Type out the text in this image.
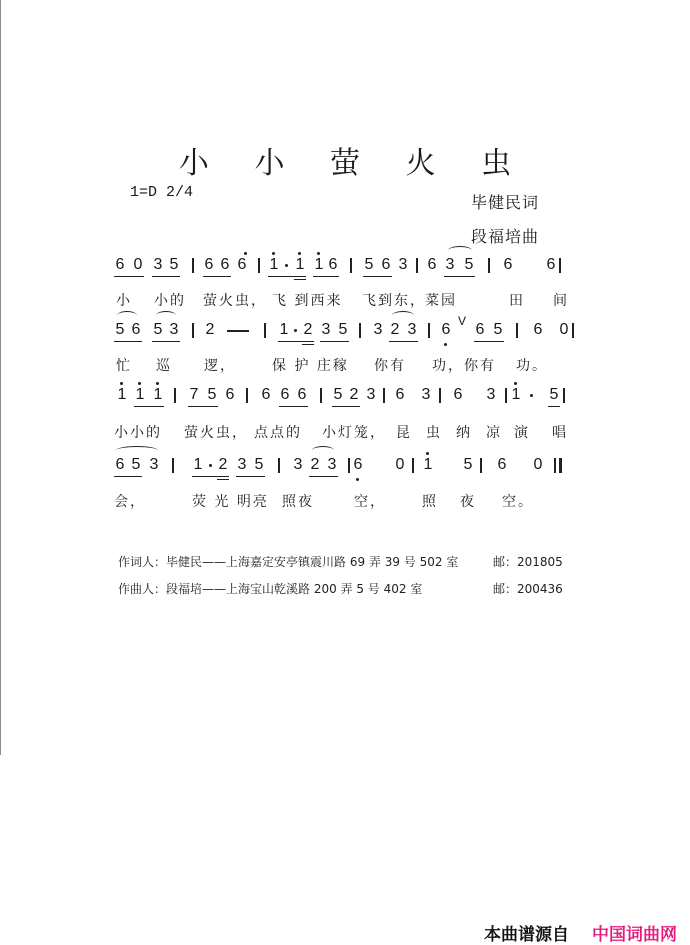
小 小 萤 火 虫
1=D 2/4
毕健民词
段福培曲
6 0 3 5 6 6 6 1 1 1 6 5 6 3 6 3 5 6 6
小 小的 萤火虫， 飞 到西来 飞到东， 菜园	田 间
5 6 5 3 2	1 2 3 5 3 2 3 6 V 6 5 6 0
忙 巡 逻，	保 护 庄稼 你有 功，你有 功。
1 1 1 7 5 6 6 6 6 5 2 3 6 3 6 3 1 5
小小的 萤火虫， 点点的 小灯笼， 昆 虫 纳 凉 演 唱
6 5 3 1 2 3 5 3 2 3 6 0 1 5 6 0
会，	荧 光 明亮 照夜	空，	照 夜 空。
作词人：毕健民——上海嘉定安亭镇震川路 69 弄 39 号 502 室	邮：201805
作曲人：段福培——上海宝山乾溪路 200 弄 5 号 402 室	邮：200436
本曲谱源自 中国词曲网
